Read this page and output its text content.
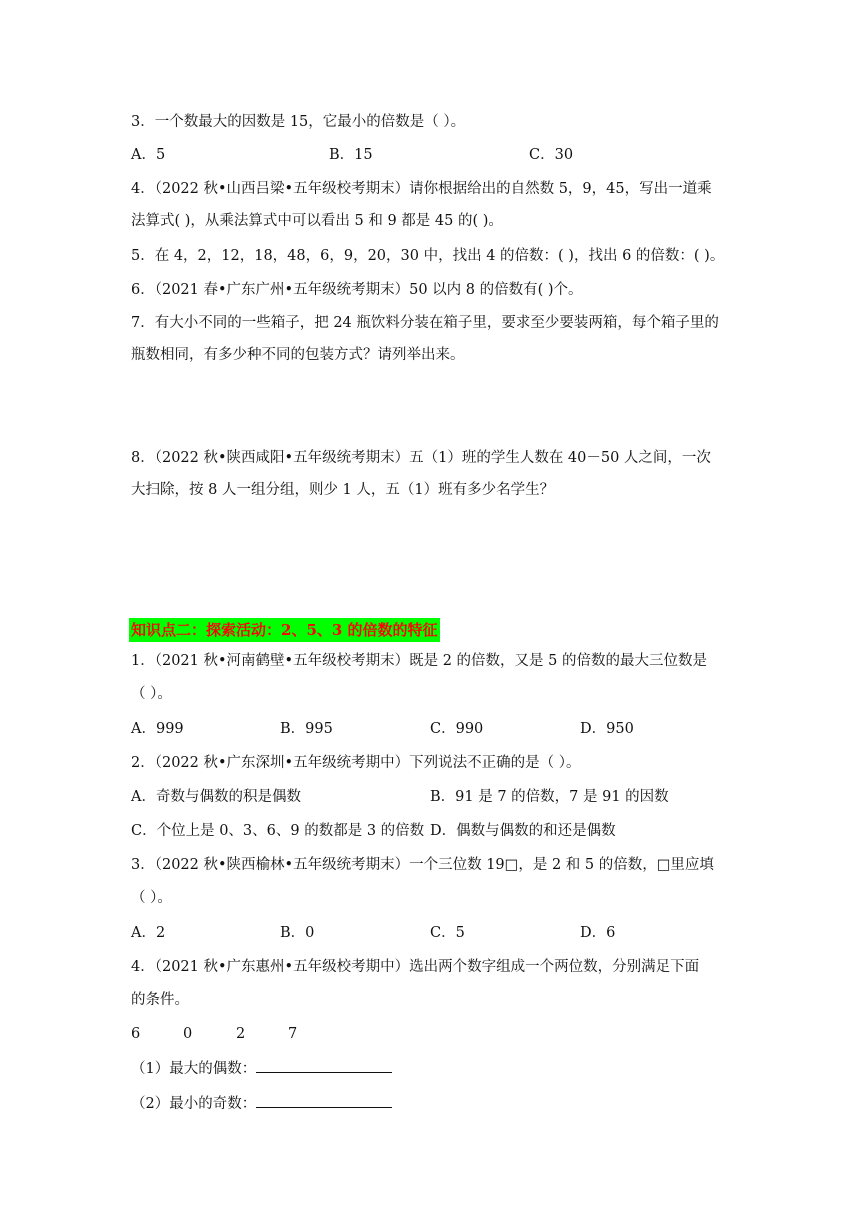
3．一个数最大的因数是 15，它最小的倍数是（ ）。
A．5	B．15	C．30
4．（2022 秋•山西吕梁•五年级校考期末）请你根据给出的自然数 5，9，45，写出一道乘
法算式( )，从乘法算式中可以看出 5 和 9 都是 45 的( )。
5．在 4，2，12，18，48，6，9，20，30 中，找出 4 的倍数：( )，找出 6 的倍数：( )。
6．（2021 春•广东广州•五年级统考期末）50 以内 8 的倍数有( )个。
7．有大小不同的一些箱子，把 24 瓶饮料分装在箱子里，要求至少要装两箱，每个箱子里的
瓶数相同，有多少种不同的包装方式？请列举出来。
8．（2022 秋•陕西咸阳•五年级统考期末）五（1）班的学生人数在 40－50 人之间，一次
大扫除，按 8 人一组分组，则少 1 人，五（1）班有多少名学生？
知识点二：探索活动：2、5、3 的倍数的特征
1．（2021 秋•河南鹤壁•五年级校考期末）既是 2 的倍数，又是 5 的倍数的最大三位数是
（ ）。
A．999	B．995	C．990	D．950
2．（2022 秋•广东深圳•五年级统考期中）下列说法不正确的是（ ）。
A．奇数与偶数的积是偶数	B．91 是 7 的倍数，7 是 91 的因数
C．个位上是 0、3、6、9 的数都是 3 的倍数 D．偶数与偶数的和还是偶数
3．（2022 秋•陕西榆林•五年级统考期末）一个三位数 19□，是 2 和 5 的倍数，□里应填
（ ）。
A．2	B．0	C．5	D．6
4．（2021 秋•广东惠州•五年级校考期中）选出两个数字组成一个两位数，分别满足下面
的条件。
6	0	2	7
（1）最大的偶数：
（2）最小的奇数：
